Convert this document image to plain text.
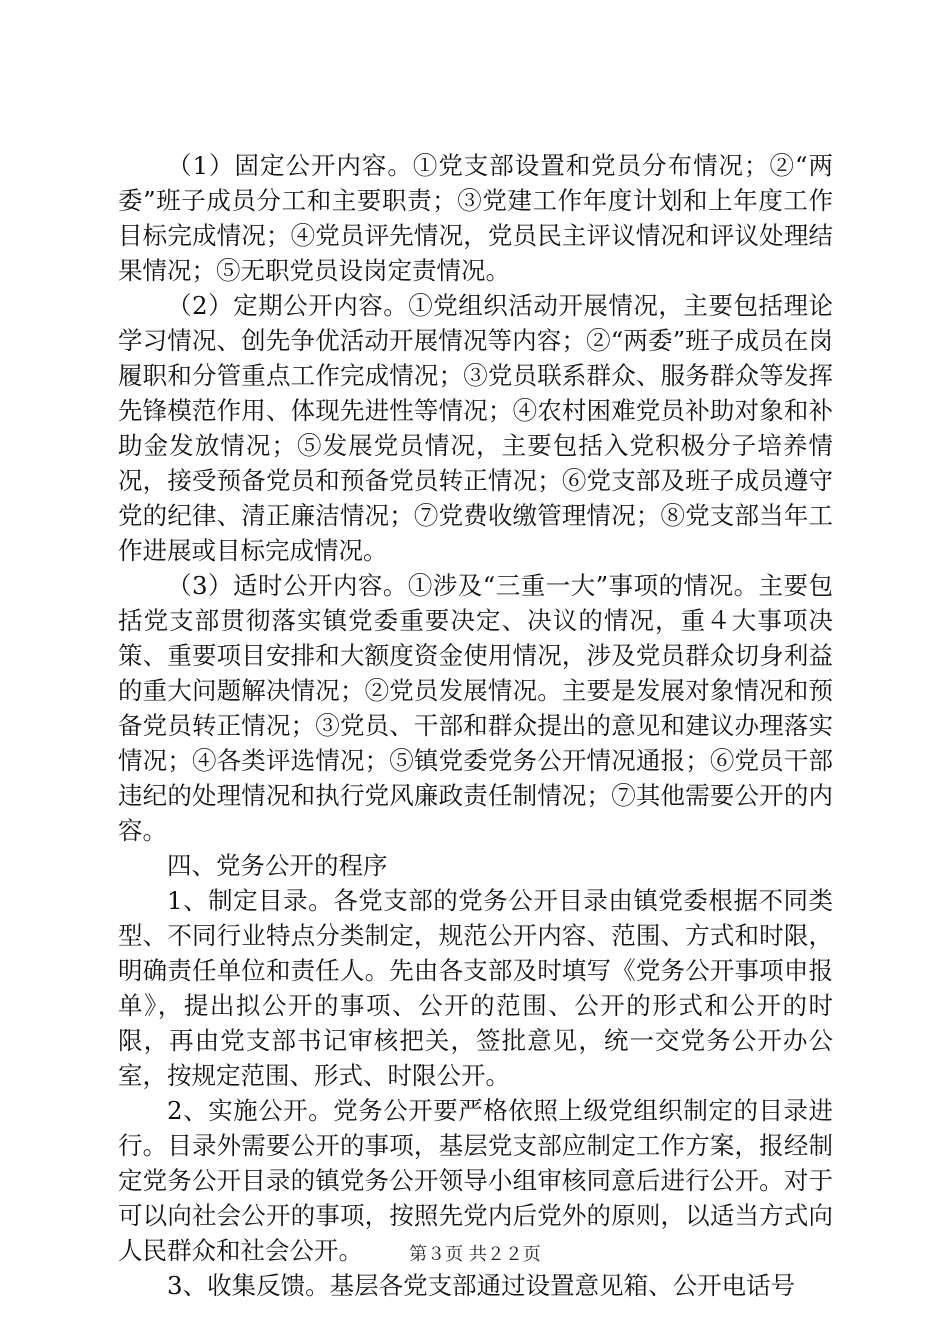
（1）固定公开内容。①党支部设置和党员分布情况；②“两委”班子成员分工和主要职责；③党建工作年度计划和上年度工作目标完成情况；④党员评先情况，党员民主评议情况和评议处理结果情况；⑤无职党员设岗定责情况。

（2）定期公开内容。①党组织活动开展情况，主要包括理论学习情况、创先争优活动开展情况等内容；②“两委”班子成员在岗履职和分管重点工作完成情况；③党员联系群众、服务群众等发挥先锋模范作用、体现先进性等情况；④农村困难党员补助对象和补助金发放情况；⑤发展党员情况，主要包括入党积极分子培养情况，接受预备党员和预备党员转正情况；⑥党支部及班子成员遵守党的纪律、清正廉洁情况；⑦党费收缴管理情况；⑧党支部当年工作进展或目标完成情况。

（3）适时公开内容。①涉及“三重一大”事项的情况。主要包括党支部贯彻落实镇党委重要决定、决议的情况，重４大事项决策、重要项目安排和大额度资金使用情况，涉及党员群众切身利益的重大问题解决情况；②党员发展情况。主要是发展对象情况和预备党员转正情况；③党员、干部和群众提出的意见和建议办理落实情况；④各类评选情况；⑤镇党委党务公开情况通报；⑥党员干部违纪的处理情况和执行党风廉政责任制情况；⑦其他需要公开的内容。

四、党务公开的程序

1、制定目录。各党支部的党务公开目录由镇党委根据不同类型、不同行业特点分类制定，规范公开内容、范围、方式和时限，明确责任单位和责任人。先由各支部及时填写《党务公开事项申报单》，提出拟公开的事项、公开的范围、公开的形式和公开的时限，再由党支部书记审核把关，签批意见，统一交党务公开办公室，按规定范围、形式、时限公开。

2、实施公开。党务公开要严格依照上级党组织制定的目录进行。目录外需要公开的事项，基层党支部应制定工作方案，报经制定党务公开目录的镇党务公开领导小组审核同意后进行公开。对于可以向社会公开的事项，按照先党内后党外的原则，以适当方式向人民群众和社会公开。

3、收集反馈。基层各党支部通过设置意见箱、公开电话号

第３页 共２２页
